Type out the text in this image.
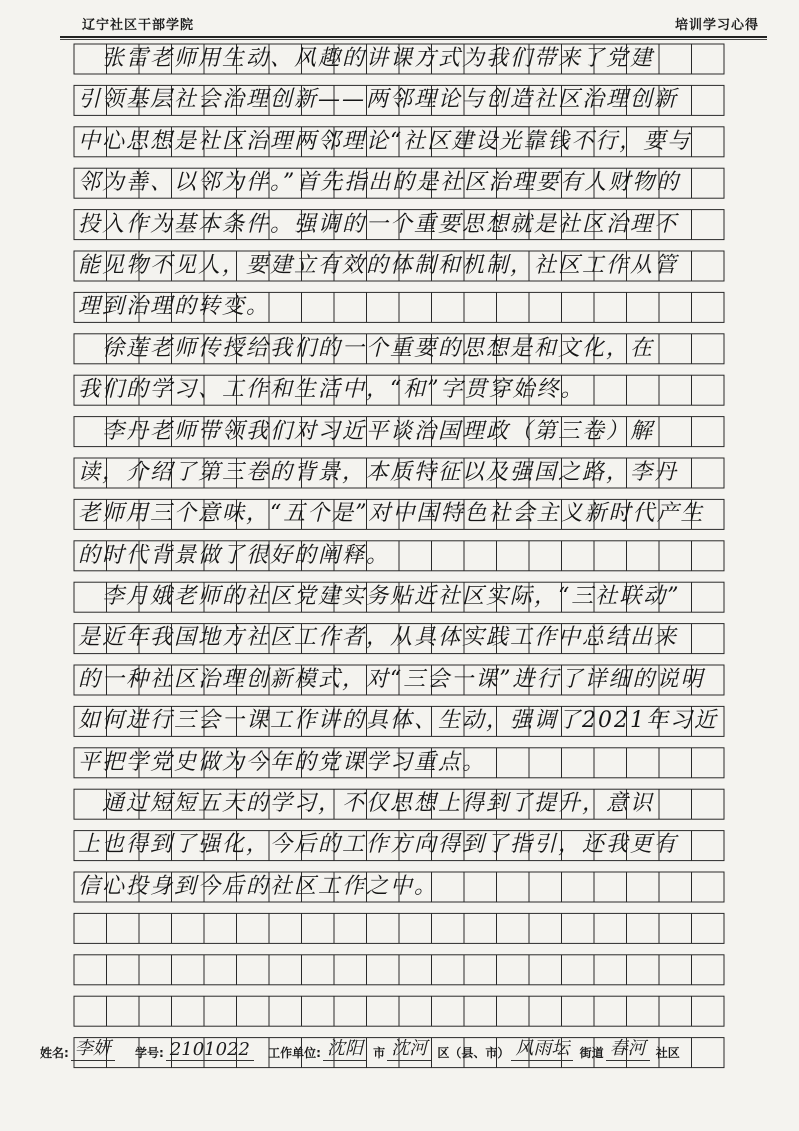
辽宁社区干部学院	培训学习心得
　张雷老师用生动、风趣的讲课方式为我们带来了党建
引领基层社会治理创新——两邻理论与创造社区治理创新
中心思想是社区治理两邻理论“社区建设光靠钱不行，要与
邻为善、以邻为伴。”首先指出的是社区治理要有人财物的
投入作为基本条件。强调的一个重要思想就是社区治理不
能见物不见人，要建立有效的体制和机制，社区工作从管
理到治理的转变。
　徐莲老师传授给我们的一个重要的思想是和文化，在
我们的学习、工作和生活中，“和”字贯穿始终。
　李丹老师带领我们对习近平谈治国理政（第三卷）解
读，介绍了第三卷的背景，本质特征以及强国之路，李丹
老师用三个意味，“五个是”对中国特色社会主义新时代产生
的时代背景做了很好的阐释。
　李月娥老师的社区党建实务贴近社区实际，“三社联动”
是近年我国地方社区工作者，从具体实践工作中总结出来
的一种社区治理创新模式，对“三会一课”进行了详细的说明
如何进行三会一课工作讲的具体、生动，强调了2021年习近
平把学党史做为今年的党课学习重点。
　通过短短五天的学习，不仅思想上得到了提升，意识
上也得到了强化，今后的工作方向得到了指引，还我更有
信心投身到今后的社区工作之中。
姓名: 李妍 学号: 2101022 工作单位: 沈阳 市 沈河 区（县、市） 风雨坛 街道 春河 社区
